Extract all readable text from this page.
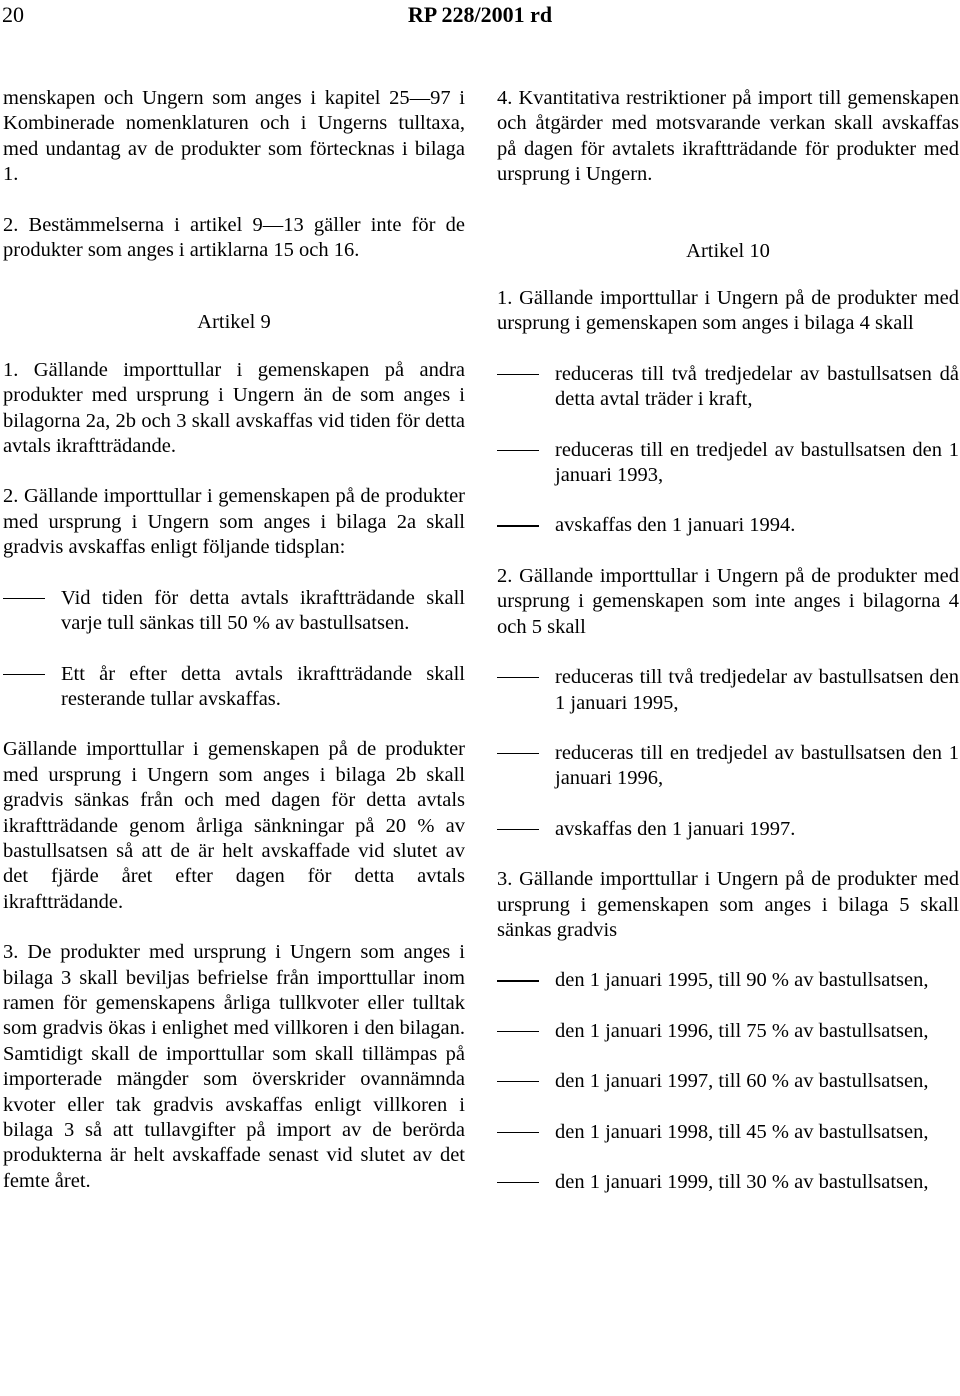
20	RP 228/2001 rd

menskapen och Ungern som anges i kapitel 25—97 i Kombinerade nomenklaturen och i Ungerns tulltaxa, med undantag av de produkter som förtecknas i bilaga 1.

2. Bestämmelserna i artikel 9—13 gäller inte för de produkter som anges i artiklarna 15 och 16.

Artikel 9

1. Gällande importtullar i gemenskapen på andra produkter med ursprung i Ungern än de som anges i bilagorna 2a, 2b och 3 skall avskaffas vid tiden för detta avtals ikraftträdande.

2. Gällande importtullar i gemenskapen på de produkter med ursprung i Ungern som anges i bilaga 2a skall gradvis avskaffas enligt följande tidsplan:

Vid tiden för detta avtals ikraftträdande skall varje tull sänkas till 50 % av bastullsatsen.
Ett år efter detta avtals ikraftträdande skall resterande tullar avskaffas.

Gällande importtullar i gemenskapen på de produkter med ursprung i Ungern som anges i bilaga 2b skall gradvis sänkas från och med dagen för detta avtals ikraftträdande genom årliga sänkningar på 20 % av bastullsatsen så att de är helt avskaffade vid slutet av det fjärde året efter dagen för detta avtals ikraftträdande.

3. De produkter med ursprung i Ungern som anges i bilaga 3 skall beviljas befrielse från importtullar inom ramen för gemenskapens årliga tullkvoter eller tulltak som gradvis ökas i enlighet med villkoren i den bilagan. Samtidigt skall de importtullar som skall tillämpas på importerade mängder som överskrider ovannämnda kvoter eller tak gradvis avskaffas enligt villkoren i bilaga 3 så att tullavgifter på import av de berörda produkterna är helt avskaffade senast vid slutet av det femte året.

4. Kvantitativa restriktioner på import till gemenskapen och åtgärder med motsvarande verkan skall avskaffas på dagen för avtalets ikraftträdande för produkter med ursprung i Ungern.

Artikel 10

1. Gällande importtullar i Ungern på de produkter med ursprung i gemenskapen som anges i bilaga 4 skall

reduceras till två tredjedelar av bastullsatsen då detta avtal träder i kraft,
reduceras till en tredjedel av bastullsatsen den 1 januari 1993,
avskaffas den 1 januari 1994.

2. Gällande importtullar i Ungern på de produkter med ursprung i gemenskapen som inte anges i bilagorna 4 och 5 skall

reduceras till två tredjedelar av bastullsatsen den 1 januari 1995,
reduceras till en tredjedel av bastullsatsen den 1 januari 1996,
avskaffas den 1 januari 1997.

3. Gällande importtullar i Ungern på de produkter med ursprung i gemenskapen som anges i bilaga 5 skall sänkas gradvis

den 1 januari 1995, till 90 % av bastullsatsen,
den 1 januari 1996, till 75 % av bastullsatsen,
den 1 januari 1997, till 60 % av bastullsatsen,
den 1 januari 1998, till 45 % av bastullsatsen,
den 1 januari 1999, till 30 % av bastullsatsen,
